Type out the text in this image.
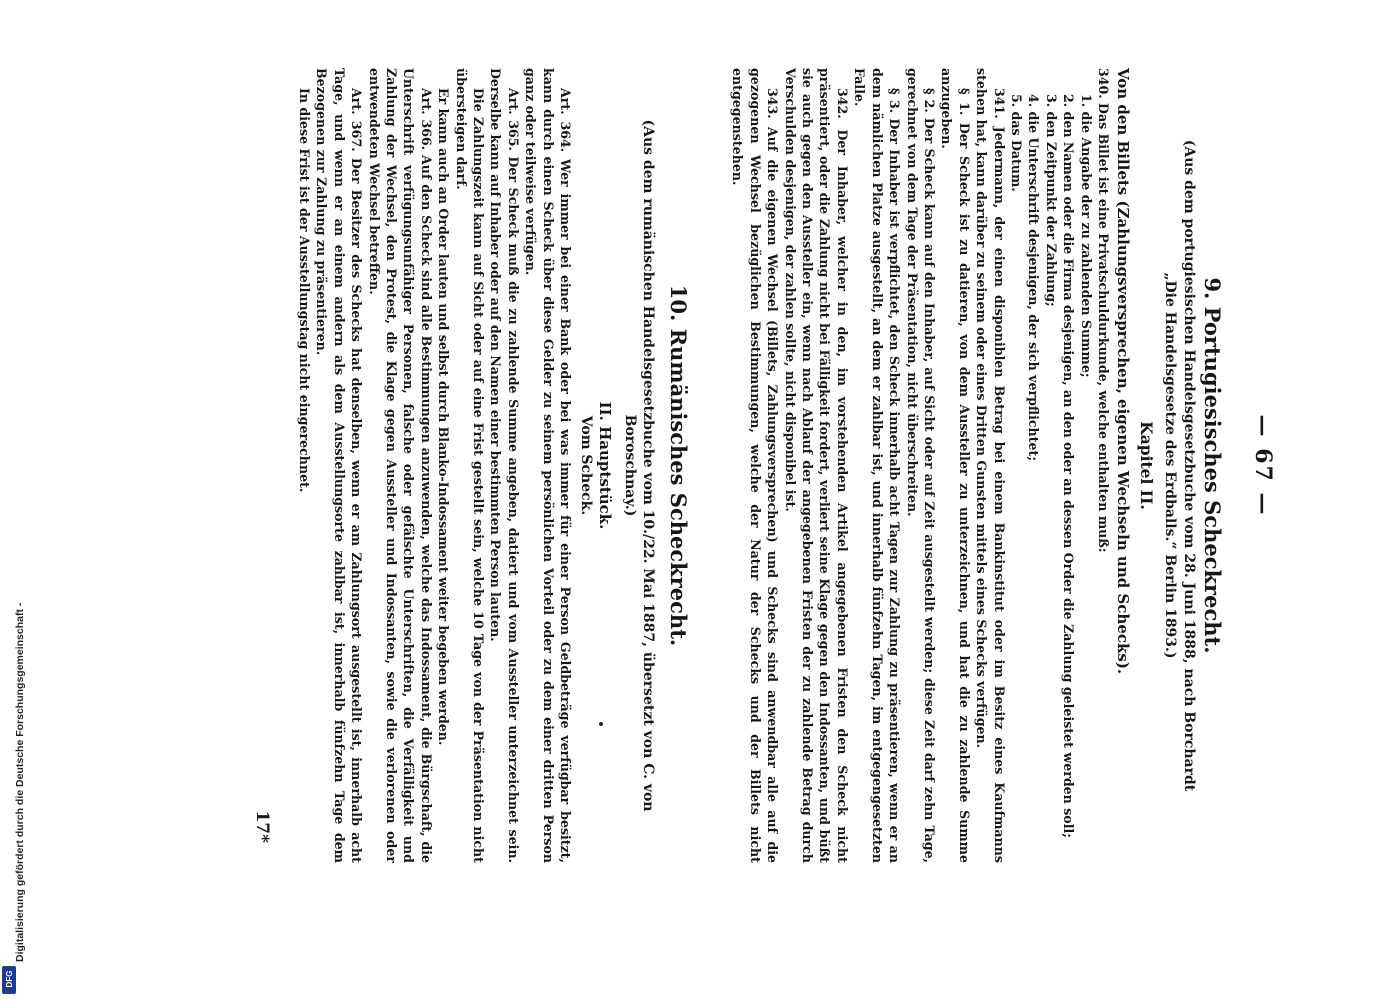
— 67 —
9. Portugiesisches Scheckrecht.
(Aus dem portugiesischen Handelsgesetzbuche vom 28. Juni 1888, nach Borchardt
„Die Handelsgesetze des Erdballs.“ Berlin 1893.)
Kapitel II.
Von den Billets (Zahlungsversprechen, eigenen Wechseln und Schecks).
340. Das Billet ist eine Privatschuldurkunde, welche enthalten muß:
1. die Angabe der zu zahlenden Summe;
2. den Namen oder die Firma desjenigen, an den oder an dessen Order die Zahlung geleistet werden soll;
3. den Zeitpunkt der Zahlung;
4. die Unterschrift desjenigen, der sich verpflichtet;
5. das Datum.

341. Jedermann, der einen disponiblen Betrag bei einem Bankinstitut oder im Besitz eines Kaufmanns stehen hat, kann darüber zu seinem oder eines Dritten Gunsten mittels eines Schecks verfügen.

§ 1. Der Scheck ist zu datieren, von dem Aussteller zu unterzeichnen, und hat die zu zahlende Summe anzugeben.

§ 2. Der Scheck kann auf den Inhaber, auf Sicht oder auf Zeit ausgestellt werden; diese Zeit darf zehn Tage, gerechnet von dem Tage der Präsentation, nicht überschreiten.

§ 3. Der Inhaber ist verpflichtet, den Scheck innerhalb acht Tagen zur Zahlung zu präsentieren, wenn er an dem nämlichen Platze ausgestellt, an dem er zahlbar ist, und innerhalb fünfzehn Tagen, im entgegengesetzten Falle.

342. Der Inhaber, welcher in den, im vorstehenden Artikel angegebenen Fristen den Scheck nicht präsentiert, oder die Zahlung nicht bei Fälligkeit fordert, verliert seine Klage gegen den Indossanten, und büßt sie auch gegen den Aussteller ein, wenn nach Ablauf der angegebenen Fristen der zu zahlende Betrag durch Verschulden desjenigen, der zahlen sollte, nicht disponibel ist.

343. Auf die eigenen Wechsel (Billets, Zahlungsversprechen) und Schecks sind anwendbar alle auf die gezogenen Wechsel bezüglichen Bestimmungen, welche der Natur der Schecks und der Billets nicht entgegenstehen.

10. Rumänisches Scheckrecht.
(Aus dem rumänischen Handelsgesetzbuche vom 10./22. Mai 1887, übersetzt von C. von Boroschnay.)
II. Hauptstück.
Vom Scheck.

Art. 364. Wer immer bei einer Bank oder bei was immer für einer Person Geldbeträge verfügbar besitzt, kann durch einen Scheck über diese Gelder zu seinem persönlichen Vorteil oder zu dem einer dritten Person ganz oder teilweise verfügen.

Art. 365. Der Scheck muß die zu zahlende Summe angeben, datiert und vom Aussteller unterzeichnet sein. Derselbe kann auf Inhaber oder auf den Namen einer bestimmten Person lauten.

Die Zahlungszeit kann auf Sicht oder auf eine Frist gestellt sein, welche 10 Tage von der Präsentation nicht übersteigen darf.

Er kann auch an Order lauten und selbst durch Blanko-Indossament weiter begeben werden.

Art. 366. Auf den Scheck sind alle Bestimmungen anzuwenden, welche das Indossament, die Bürgschaft, die Unterschrift verfügungsunfähiger Personen, falsche oder gefälschte Unterschriften, die Verfälligkeit und Zahlung der Wechsel, den Protest, die Klage gegen Aussteller und Indossanten, sowie die verlorenen oder entwendeten Wechsel betreffen.

Art. 367. Der Besitzer des Schecks hat denselben, wenn er am Zahlungsort ausgestellt ist, innerhalb acht Tage, und wenn er an einem andern als dem Ausstellungsorte zahlbar ist, innerhalb fünfzehn Tage dem Bezogenen zur Zahlung zu präsentieren.

In diese Frist ist der Ausstellungstag nicht eingerechnet.

17*
Digitalisierung gefördert durch die Deutsche Forschungsgemeinschaft -
DFG
